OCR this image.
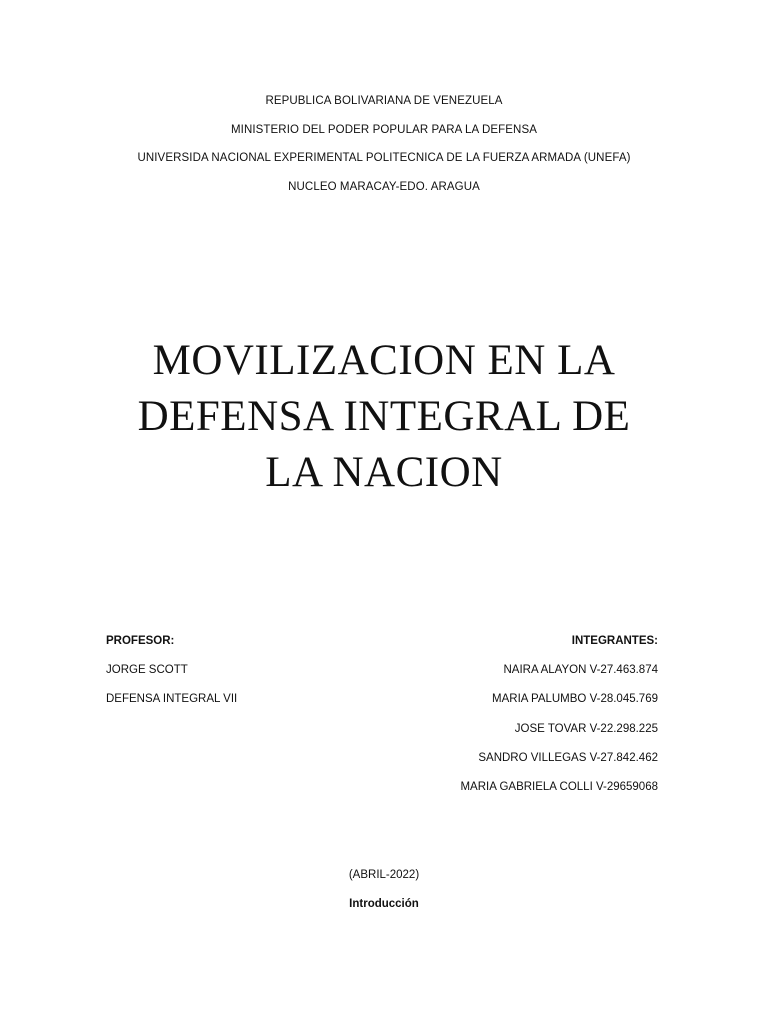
REPUBLICA BOLIVARIANA DE VENEZUELA
MINISTERIO DEL PODER POPULAR PARA LA DEFENSA
UNIVERSIDA NACIONAL EXPERIMENTAL POLITECNICA DE LA FUERZA ARMADA (UNEFA)
NUCLEO MARACAY-EDO. ARAGUA
MOVILIZACION EN LA
DEFENSA INTEGRAL DE
LA NACION
PROFESOR:
JORGE SCOTT
DEFENSA INTEGRAL VII
INTEGRANTES:
NAIRA ALAYON V-27.463.874
MARIA PALUMBO V-28.045.769
JOSE TOVAR V-22.298.225
SANDRO VILLEGAS V-27.842.462
MARIA GABRIELA COLLI V-29659068
(ABRIL-2022)
Introducción
